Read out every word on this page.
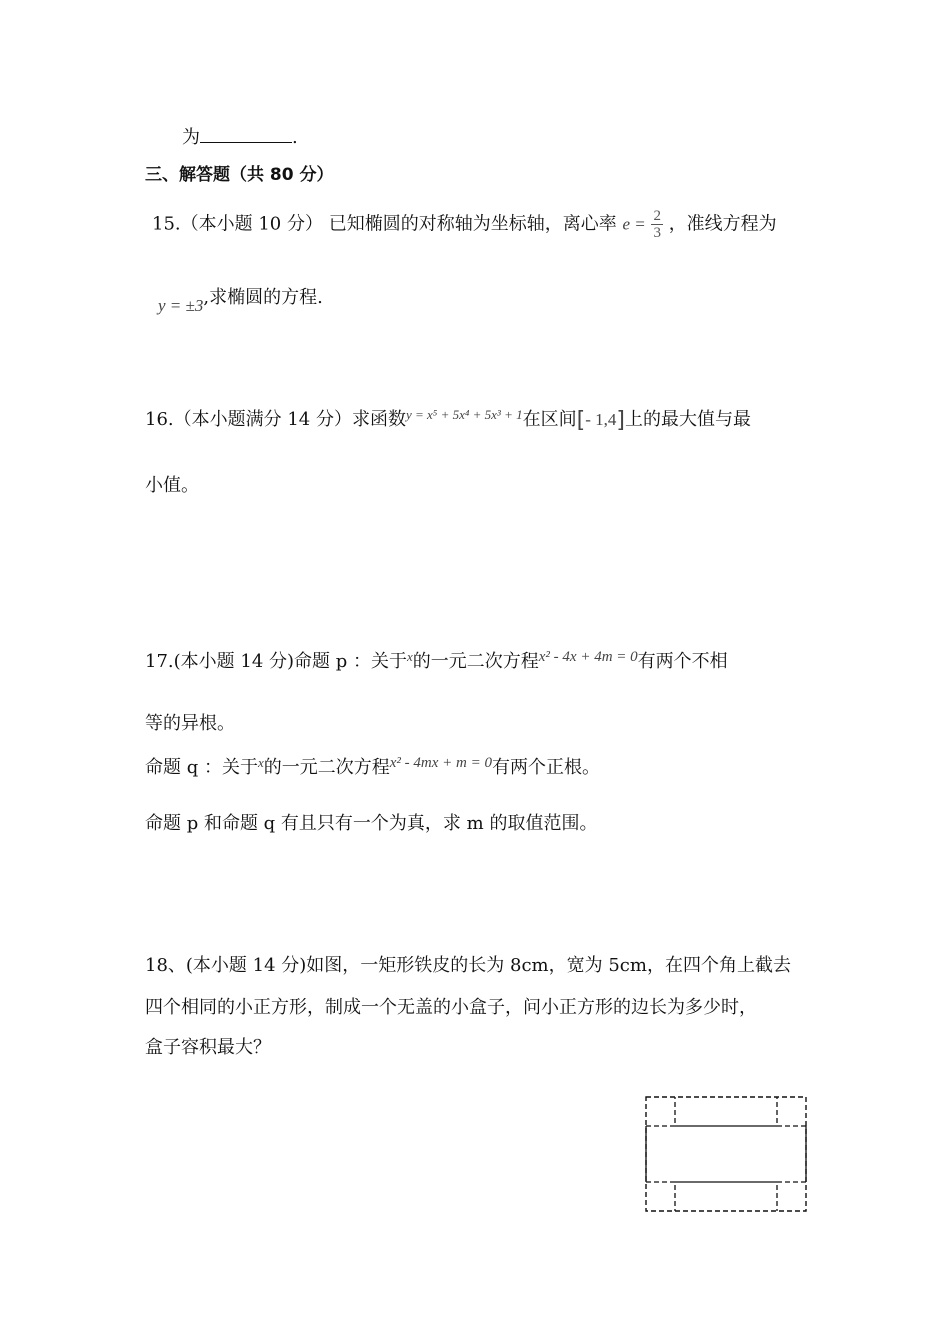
为	.
三、解答题（共 80 分）
15.（本小题 10 分） 已知椭圆的对称轴为坐标轴，离心率 $e = \frac{2}{3}$ ，准线方程为
y = ±3,求椭圆的方程.
16.（本小题满分 14 分）求函数$^{y = x^5 + 5x^4 + 5x^3 + 1}$在区间[- 1,4]上的最大值与最
小值。
17.(本小题 14 分)命题 p ：关于$^x$的一元二次方程$^{x^2 - 4x + 4m = 0}$有两个不相
等的异根。
命题 q ：关于$^x$的一元二次方程$^{x^2 - 4mx + m = 0}$有两个正根。
命题 p 和命题 q 有且只有一个为真，求 m 的取值范围。
18、(本小题 14 分)如图，一矩形铁皮的长为 8cm，宽为 5cm，在四个角上截去
四个相同的小正方形，制成一个无盖的小盒子，问小正方形的边长为多少时，
盒子容积最大？
